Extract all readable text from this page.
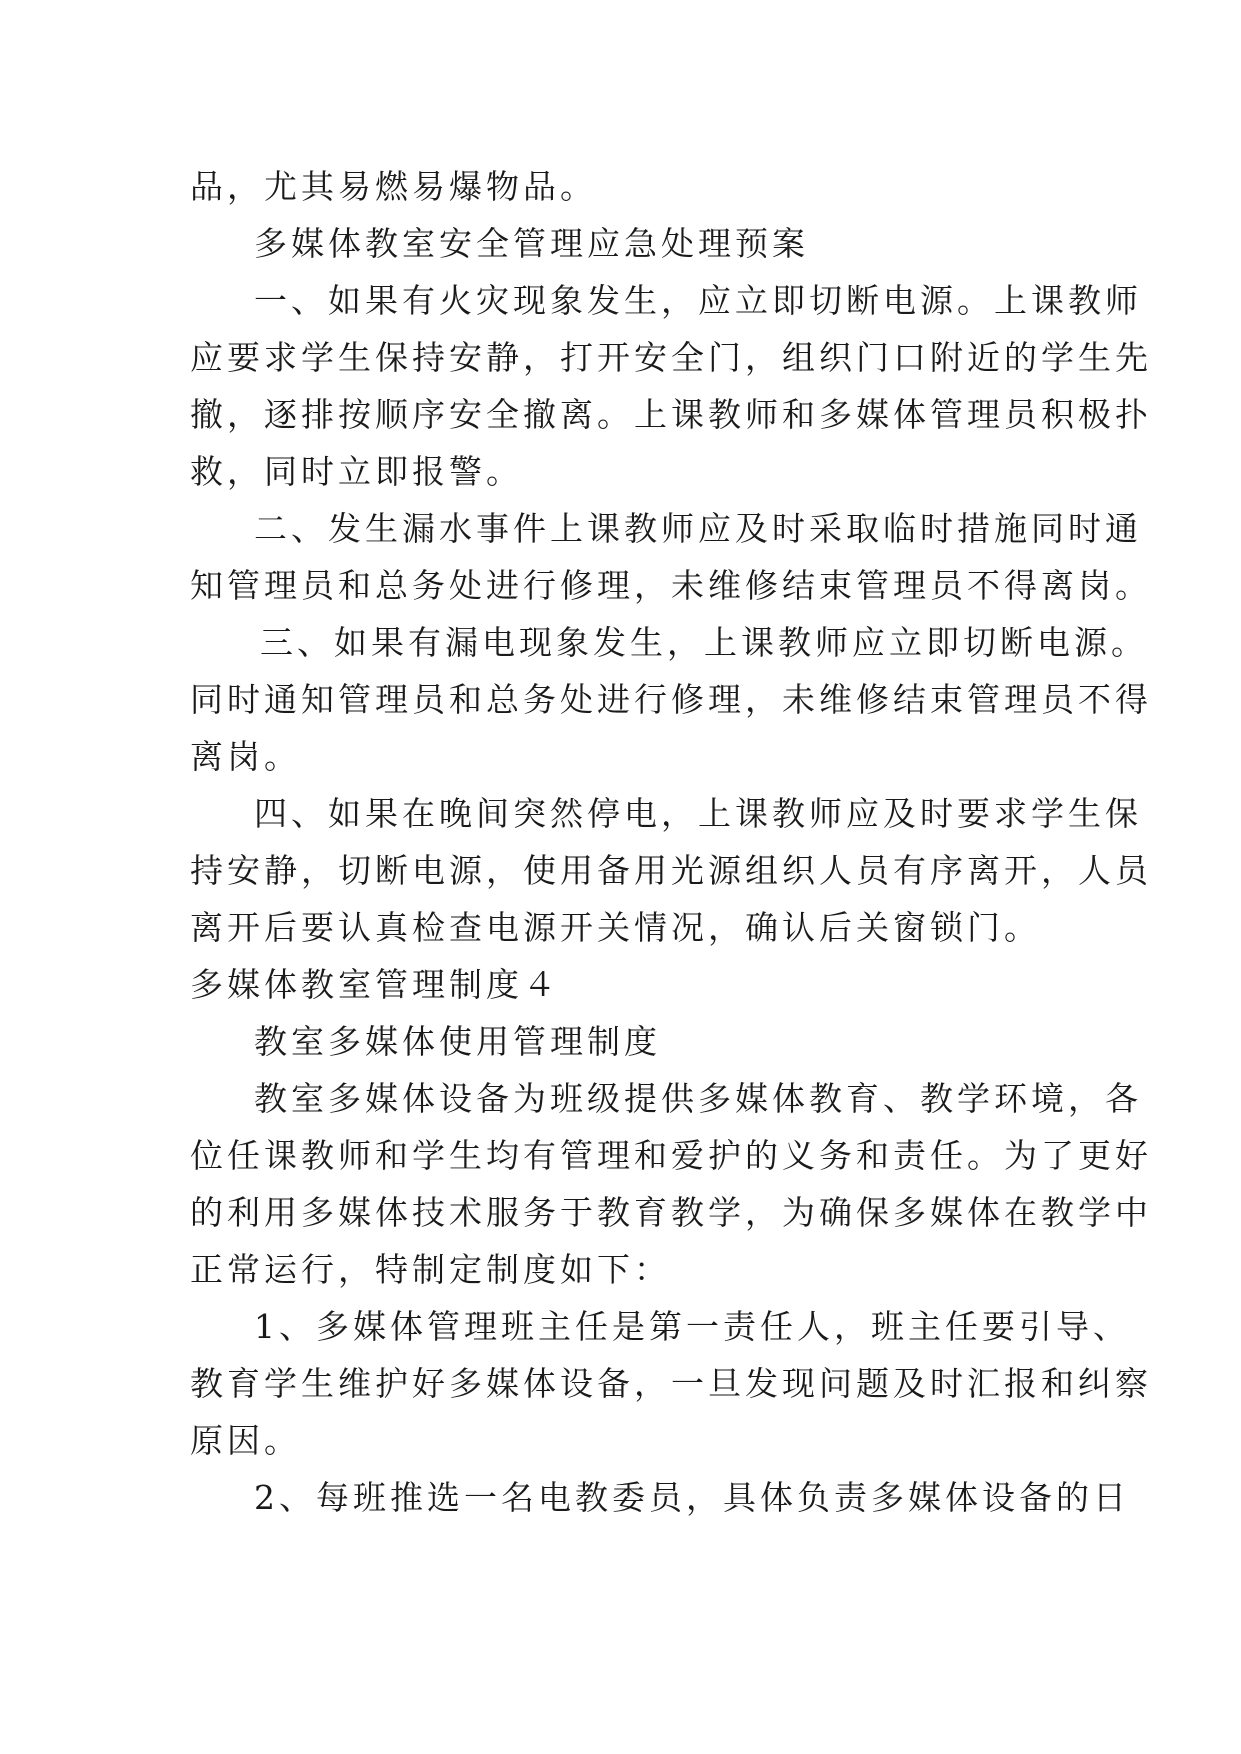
品，尤其易燃易爆物品。
多媒体教室安全管理应急处理预案
一、如果有火灾现象发生，应立即切断电源。上课教师
应要求学生保持安静，打开安全门，组织门口附近的学生先
撤，逐排按顺序安全撤离。上课教师和多媒体管理员积极扑
救，同时立即报警。
二、发生漏水事件上课教师应及时采取临时措施同时通
知管理员和总务处进行修理，未维修结束管理员不得离岗。
三、如果有漏电现象发生，上课教师应立即切断电源。
同时通知管理员和总务处进行修理，未维修结束管理员不得
离岗。
四、如果在晚间突然停电，上课教师应及时要求学生保
持安静，切断电源，使用备用光源组织人员有序离开，人员
离开后要认真检查电源开关情况，确认后关窗锁门。
多媒体教室管理制度４
教室多媒体使用管理制度
教室多媒体设备为班级提供多媒体教育、教学环境，各
位任课教师和学生均有管理和爱护的义务和责任。为了更好
的利用多媒体技术服务于教育教学，为确保多媒体在教学中
正常运行，特制定制度如下：
1、多媒体管理班主任是第一责任人，班主任要引导、
教育学生维护好多媒体设备，一旦发现问题及时汇报和纠察
原因。
2、每班推选一名电教委员，具体负责多媒体设备的日
